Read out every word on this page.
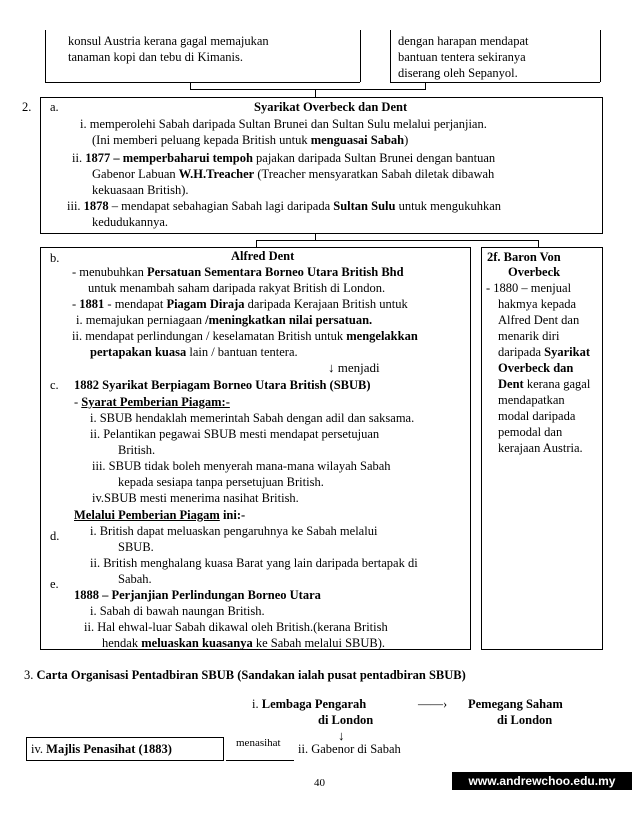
konsul Austria kerana gagal memajukan
tanaman kopi dan tebu di Kimanis.
dengan harapan mendapat
bantuan tentera sekiranya
diserang oleh Sepanyol.
2. a.	Syarikat Overbeck dan Dent
i. memperolehi Sabah daripada Sultan Brunei dan Sultan Sulu melalui perjanjian.
(Ini memberi peluang kepada British untuk menguasai Sabah)
ii. 1877 – memperbaharui tempoh pajakan daripada Sultan Brunei dengan bantuan
Gabenor Labuan W.H.Treacher (Treacher mensyaratkan Sabah diletak dibawah
kekuasaan British).
iii. 1878 – mendapat sebahagian Sabah lagi daripada Sultan Sulu untuk mengukuhkan
kedudukannya.
b.	Alfred Dent
- menubuhkan Persatuan Sementara Borneo Utara British Bhd
untuk menambah saham daripada rakyat British di London.
- 1881 - mendapat Piagam Diraja daripada Kerajaan British untuk
i. memajukan perniagaan /meningkatkan nilai persatuan.
ii. mendapat perlindungan / keselamatan British untuk mengelakkan
pertapakan kuasa lain / bantuan tentera.
↓ menjadi
c. 1882 Syarikat Berpiagam Borneo Utara British (SBUB)
- Syarat Pemberian Piagam:-
i. SBUB hendaklah memerintah Sabah dengan adil dan saksama.
ii. Pelantikan pegawai SBUB mesti mendapat persetujuan
British.
iii. SBUB tidak boleh menyerah mana-mana wilayah Sabah
kepada sesiapa tanpa persetujuan British.
iv.SBUB mesti menerima nasihat British.
Melalui Pemberian Piagam ini:-
d. i. British dapat meluaskan pengaruhnya ke Sabah melalui
SBUB.
ii. British menghalang kuasa Barat yang lain daripada bertapak di
Sabah.
e.
1888 – Perjanjian Perlindungan Borneo Utara
i. Sabah di bawah naungan British.
ii. Hal ehwal-luar Sabah dikawal oleh British.(kerana British
hendak meluaskan kuasanya ke Sabah melalui SBUB).
2f. Baron Von
Overbeck
- 1880 – menjual
hakmya kepada
Alfred Dent dan
menarik diri
daripada Syarikat
Overbeck dan
Dent kerana gagal
mendapatkan
modal daripada
pemodal dan
kerajaan Austria.
3. Carta Organisasi Pentadbiran SBUB (Sandakan ialah pusat pentadbiran SBUB)
i. Lembaga Pengarah
di London
——› Pemegang Saham
di London
↓
iv. Majlis Penasihat (1883)	menasihat ii. Gabenor di Sabah
40	www.andrewchoo.edu.my
